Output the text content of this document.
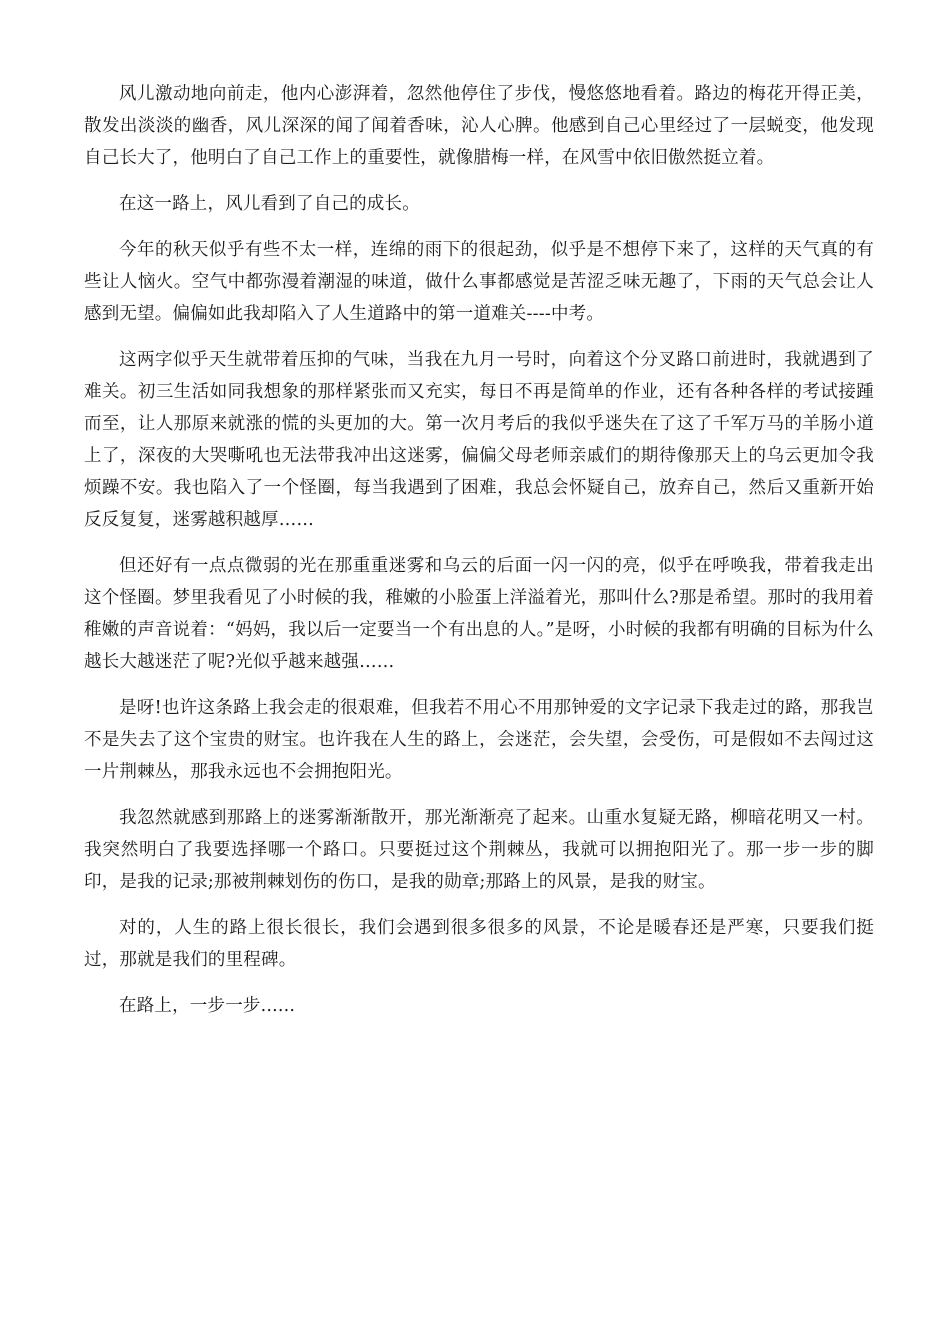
风儿激动地向前走，他内心澎湃着，忽然他停住了步伐，慢悠悠地看着。路边的梅花开得正美，散发出淡淡的幽香，风儿深深的闻了闻着香味，沁人心脾。他感到自己心里经过了一层蜕变，他发现自己长大了，他明白了自己工作上的重要性，就像腊梅一样，在风雪中依旧傲然挺立着。

在这一路上，风儿看到了自己的成长。

今年的秋天似乎有些不太一样，连绵的雨下的很起劲，似乎是不想停下来了，这样的天气真的有些让人恼火。空气中都弥漫着潮湿的味道，做什么事都感觉是苦涩乏味无趣了，下雨的天气总会让人感到无望。偏偏如此我却陷入了人生道路中的第一道难关----中考。

这两字似乎天生就带着压抑的气味，当我在九月一号时，向着这个分叉路口前进时，我就遇到了难关。初三生活如同我想象的那样紧张而又充实，每日不再是简单的作业，还有各种各样的考试接踵而至，让人那原来就涨的慌的头更加的大。第一次月考后的我似乎迷失在了这了千军万马的羊肠小道上了，深夜的大哭嘶吼也无法带我冲出这迷雾，偏偏父母老师亲戚们的期待像那天上的乌云更加令我烦躁不安。我也陷入了一个怪圈，每当我遇到了困难，我总会怀疑自己，放弃自己，然后又重新开始反反复复，迷雾越积越厚……

但还好有一点点微弱的光在那重重迷雾和乌云的后面一闪一闪的亮，似乎在呼唤我，带着我走出这个怪圈。梦里我看见了小时候的我，稚嫩的小脸蛋上洋溢着光，那叫什么?那是希望。那时的我用着稚嫩的声音说着：“妈妈，我以后一定要当一个有出息的人。”是呀，小时候的我都有明确的目标为什么越长大越迷茫了呢?光似乎越来越强……

是呀!也许这条路上我会走的很艰难，但我若不用心不用那钟爱的文字记录下我走过的路，那我岂不是失去了这个宝贵的财宝。也许我在人生的路上，会迷茫，会失望，会受伤，可是假如不去闯过这一片荆棘丛，那我永远也不会拥抱阳光。

我忽然就感到那路上的迷雾渐渐散开，那光渐渐亮了起来。山重水复疑无路，柳暗花明又一村。我突然明白了我要选择哪一个路口。只要挺过这个荆棘丛，我就可以拥抱阳光了。那一步一步的脚印，是我的记录;那被荆棘划伤的伤口，是我的勋章;那路上的风景，是我的财宝。

对的，人生的路上很长很长，我们会遇到很多很多的风景，不论是暖春还是严寒，只要我们挺过，那就是我们的里程碑。

在路上，一步一步......
